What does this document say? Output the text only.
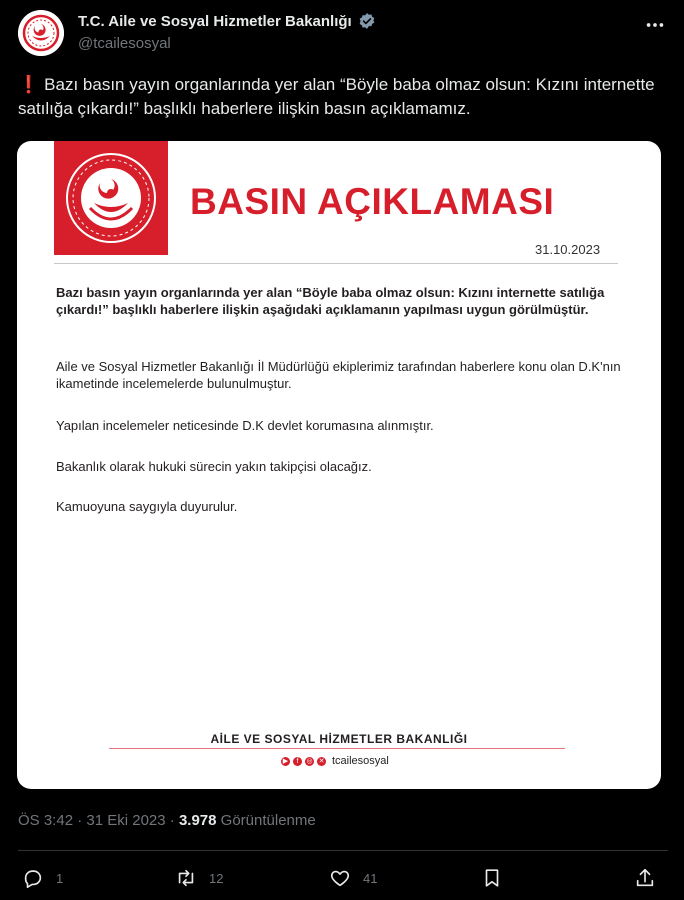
T.C. Aile ve Sosyal Hizmetler Bakanlığı
@tcailesosyal
❗ Bazı basın yayın organlarında yer alan “Böyle baba olmaz olsun: Kızını internette satılığa çıkardı!” başlıklı haberlere ilişkin basın açıklamamız.
BASIN AÇIKLAMASI
31.10.2023
Bazı basın yayın organlarında yer alan “Böyle baba olmaz olsun: Kızını internette satılığa çıkardı!” başlıklı haberlere ilişkin aşağıdaki açıklamanın yapılması uygun görülmüştür.
Aile ve Sosyal Hizmetler Bakanlığı İl Müdürlüğü ekiplerimiz tarafından haberlere konu olan D.K'nın ikametinde incelemelerde bulunulmuştur.
Yapılan incelemeler neticesinde D.K devlet korumasına alınmıştır.
Bakanlık olarak hukuki sürecin yakın takipçisi olacağız.
Kamuoyuna saygıyla duyurulur.
AİLE VE SOSYAL HİZMETLER BAKANLIĞI
▶	f	◎ ✕ tcailesosyal
ÖS 3:42 · 31 Eki 2023 · 3.978 Görüntülenme
1	12	41
